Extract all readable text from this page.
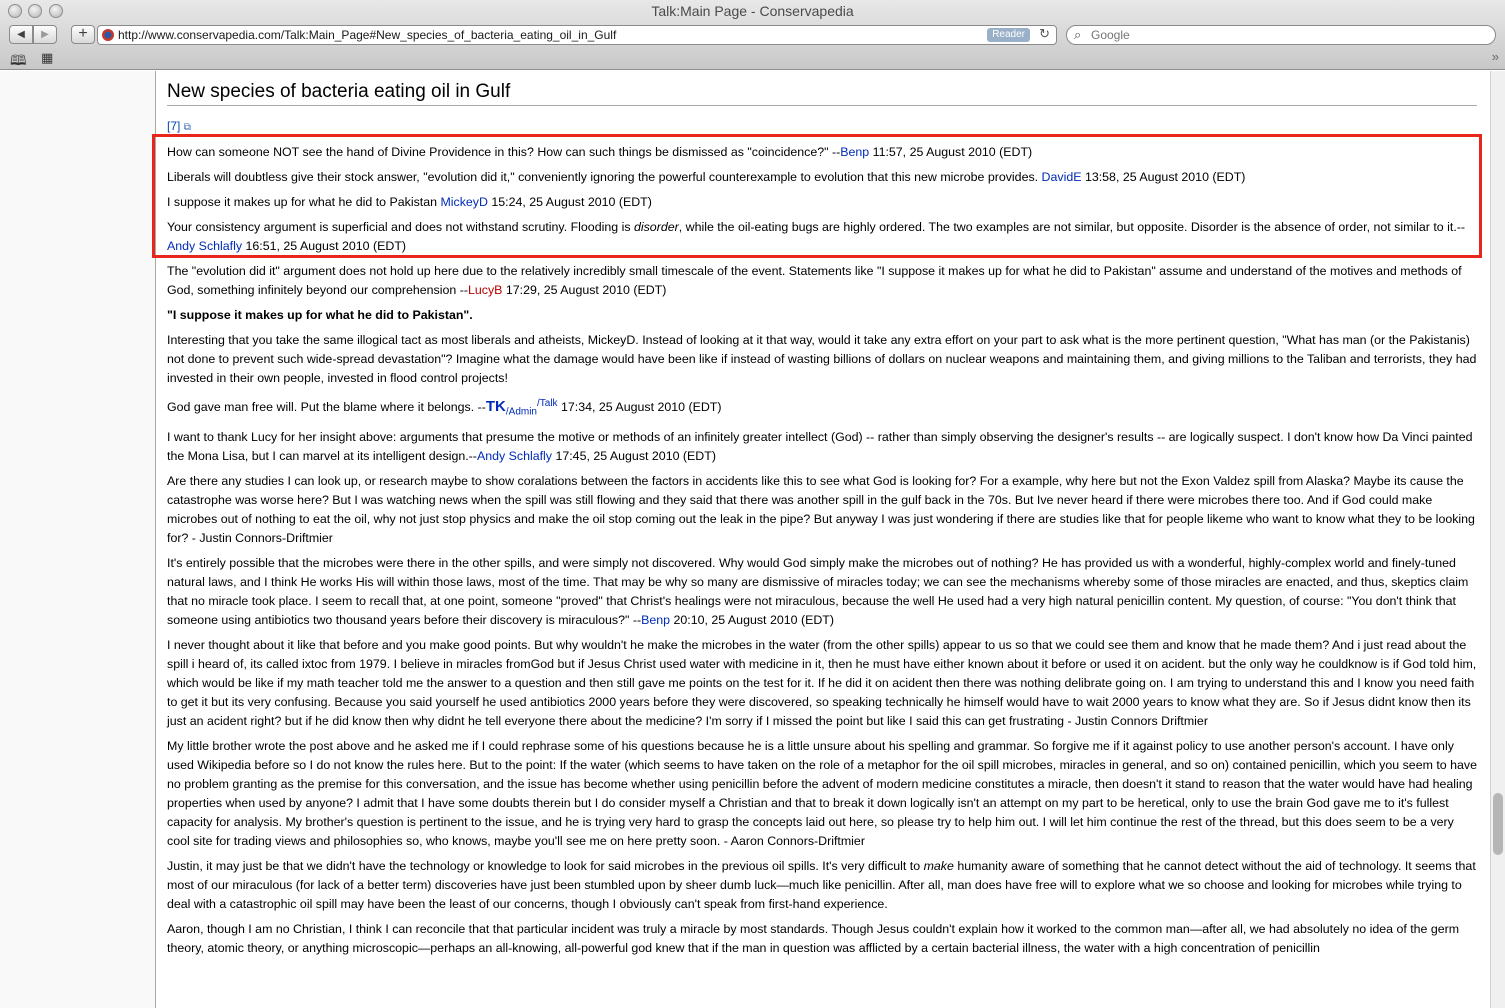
Talk:Main Page - Conservapedia
◀	▶	+	http://www.conservapedia.com/Talk:Main_Page#New_species_of_bacteria_eating_oil_in_Gulf	Reader	↻ ⌕
Google
🕮 ▦	»
New species of bacteria eating oil in Gulf

[7] ⧉

How can someone NOT see the hand of Divine Providence in this? How can such things be dismissed as "coincidence?" --Benp 11:57, 25 August 2010 (EDT)

Liberals will doubtless give their stock answer, "evolution did it," conveniently ignoring the powerful counterexample to evolution that this new microbe provides. DavidE 13:58, 25 August 2010 (EDT)

I suppose it makes up for what he did to Pakistan MickeyD 15:24, 25 August 2010 (EDT)

Your consistency argument is superficial and does not withstand scrutiny. Flooding is disorder, while the oil-eating bugs are highly ordered. The two examples are not similar, but opposite. Disorder is the absence of order, not similar to it.--Andy Schlafly 16:51, 25 August 2010 (EDT)

The "evolution did it" argument does not hold up here due to the relatively incredibly small timescale of the event. Statements like "I suppose it makes up for what he did to Pakistan" assume and understand of the motives and methods of God, something infinitely beyond our comprehension --LucyB 17:29, 25 August 2010 (EDT)

"I suppose it makes up for what he did to Pakistan".

Interesting that you take the same illogical tact as most liberals and atheists, MickeyD. Instead of looking at it that way, would it take any extra effort on your part to ask what is the more pertinent question, "What has man (or the Pakistanis) not done to prevent such wide-spread devastation"? Imagine what the damage would have been like if instead of wasting billions of dollars on nuclear weapons and maintaining them, and giving millions to the Taliban and terrorists, they had invested in their own people, invested in flood control projects!

God gave man free will. Put the blame where it belongs. $--TK_{/Admin}^{/Talk}$ 17:34, 25 August 2010 (EDT)

I want to thank Lucy for her insight above: arguments that presume the motive or methods of an infinitely greater intellect (God) -- rather than simply observing the designer's results -- are logically suspect. I don't know how Da Vinci painted the Mona Lisa, but I can marvel at its intelligent design.--Andy Schlafly 17:45, 25 August 2010 (EDT)

Are there any studies I can look up, or research maybe to show coralations between the factors in accidents like this to see what God is looking for? For a example, why here but not the Exon Valdez spill from Alaska? Maybe its cause the catastrophe was worse here? But I was watching news when the spill was still flowing and they said that there was another spill in the gulf back in the 70s. But Ive never heard if there were microbes there too. And if God could make microbes out of nothing to eat the oil, why not just stop physics and make the oil stop coming out the leak in the pipe? But anyway I was just wondering if there are studies like that for people likeme who want to know what they to be looking for? - Justin Connors-Driftmier

It's entirely possible that the microbes were there in the other spills, and were simply not discovered. Why would God simply make the microbes out of nothing? He has provided us with a wonderful, highly-complex world and finely-tuned natural laws, and I think He works His will within those laws, most of the time. That may be why so many are dismissive of miracles today; we can see the mechanisms whereby some of those miracles are enacted, and thus, skeptics claim that no miracle took place. I seem to recall that, at one point, someone "proved" that Christ's healings were not miraculous, because the well He used had a very high natural penicillin content. My question, of course: "You don't think that someone using antibiotics two thousand years before their discovery is miraculous?" --Benp 20:10, 25 August 2010 (EDT)

I never thought about it like that before and you make good points. But why wouldn't he make the microbes in the water (from the other spills) appear to us so that we could see them and know that he made them? And i just read about the spill i heard of, its called ixtoc from 1979. I believe in miracles fromGod but if Jesus Christ used water with medicine in it, then he must have either known about it before or used it on acident. but the only way he couldknow is if God told him, which would be like if my math teacher told me the answer to a question and then still gave me points on the test for it. If he did it on acident then there was nothing delibrate going on. I am trying to understand this and I know you need faith to get it but its very confusing. Because you said yourself he used antibiotics 2000 years before they were discovered, so speaking technically he himself would have to wait 2000 years to know what they are. So if Jesus didnt know then its just an acident right? but if he did know then why didnt he tell everyone there about the medicine? I'm sorry if I missed the point but like I said this can get frustrating - Justin Connors Driftmier

My little brother wrote the post above and he asked me if I could rephrase some of his questions because he is a little unsure about his spelling and grammar. So forgive me if it against policy to use another person's account. I have only used Wikipedia before so I do not know the rules here. But to the point: If the water (which seems to have taken on the role of a metaphor for the oil spill microbes, miracles in general, and so on) contained penicillin, which you seem to have no problem granting as the premise for this conversation, and the issue has become whether using penicillin before the advent of modern medicine constitutes a miracle, then doesn't it stand to reason that the water would have had healing properties when used by anyone? I admit that I have some doubts therein but I do consider myself a Christian and that to break it down logically isn't an attempt on my part to be heretical, only to use the brain God gave me to it's fullest capacity for analysis. My brother's question is pertinent to the issue, and he is trying very hard to grasp the concepts laid out here, so please try to help him out. I will let him continue the rest of the thread, but this does seem to be a very cool site for trading views and philosophies so, who knows, maybe you'll see me on here pretty soon. - Aaron Connors-Driftmier

Justin, it may just be that we didn't have the technology or knowledge to look for said microbes in the previous oil spills. It's very difficult to make humanity aware of something that he cannot detect without the aid of technology. It seems that most of our miraculous (for lack of a better term) discoveries have just been stumbled upon by sheer dumb luck—much like penicillin. After all, man does have free will to explore what we so choose and looking for microbes while trying to deal with a catastrophic oil spill may have been the least of our concerns, though I obviously can't speak from first-hand experience.

Aaron, though I am no Christian, I think I can reconcile that that particular incident was truly a miracle by most standards. Though Jesus couldn't explain how it worked to the common man—after all, we had absolutely no idea of the germ theory, atomic theory, or anything microscopic—perhaps an all-knowing, all-powerful god knew that if the man in question was afflicted by a certain bacterial illness, the water with a high concentration of penicillin
